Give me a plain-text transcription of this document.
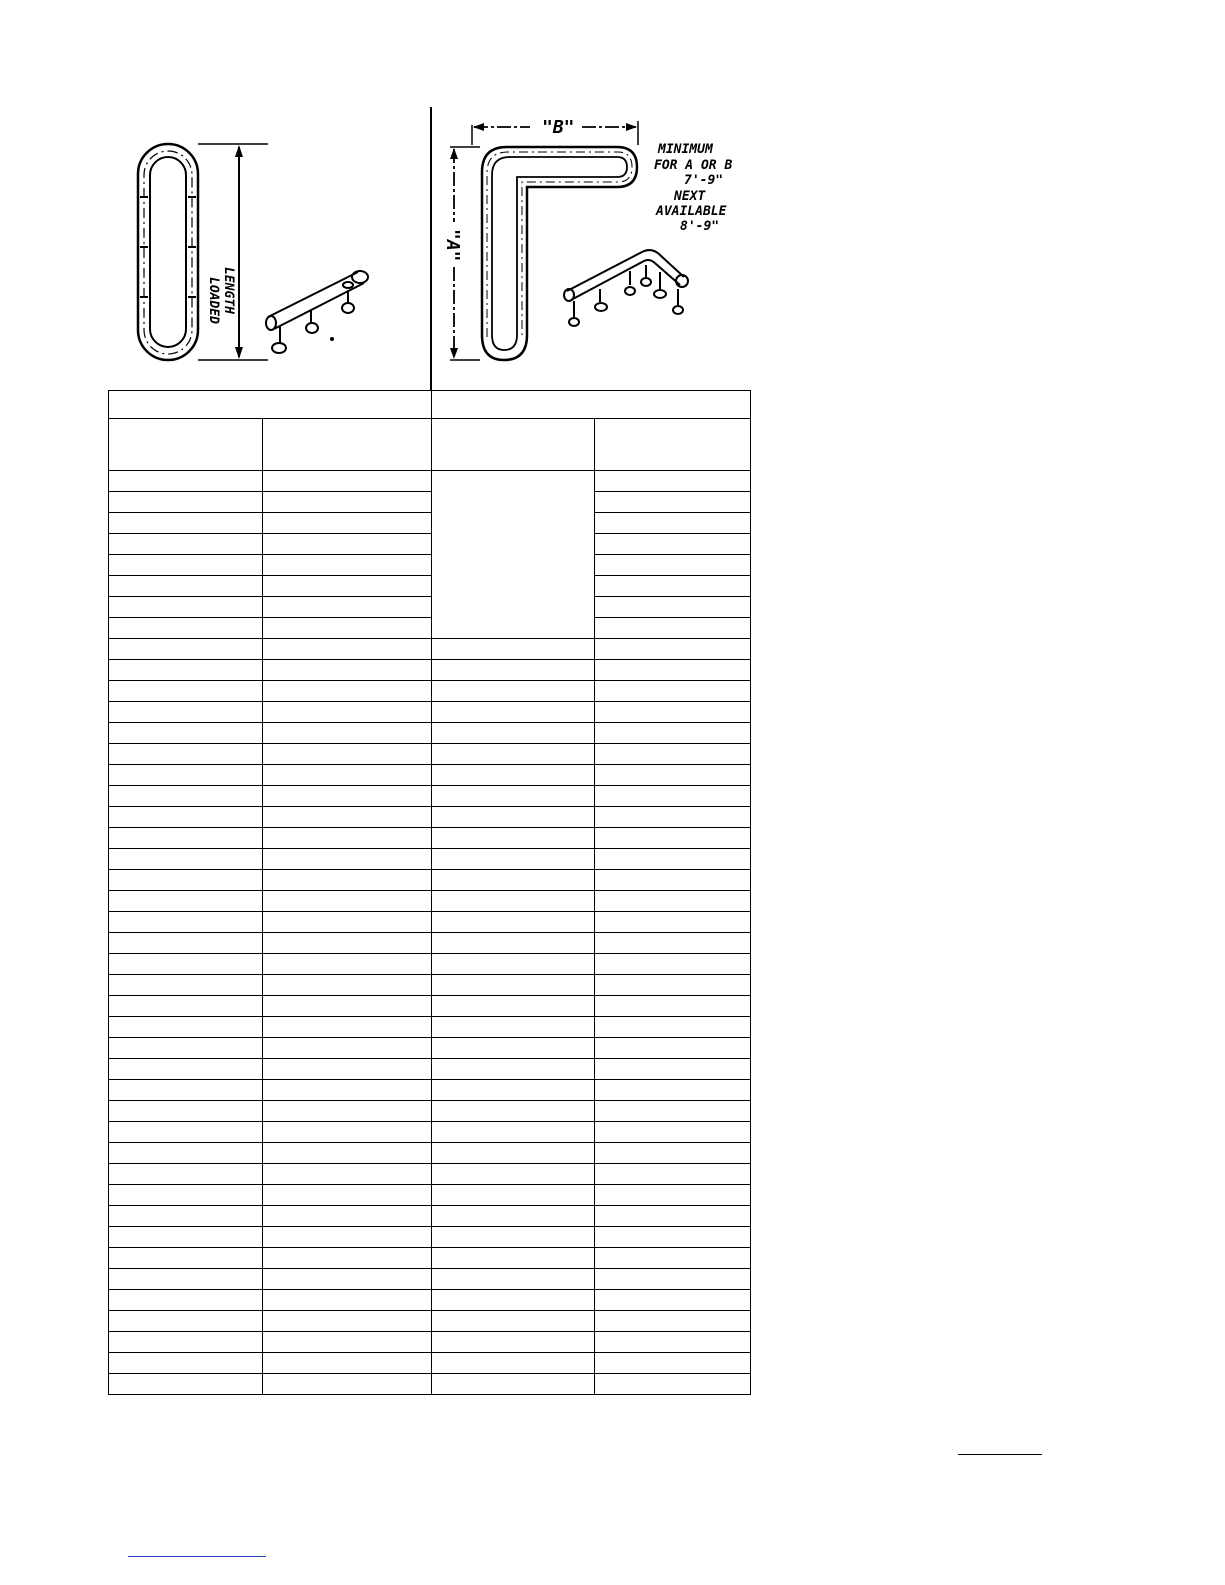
LENGTH
LOADED
"B"
"A"
MINIMUM
FOR A OR B
7'-9"
NEXT
AVAILABLE
8'-9"
